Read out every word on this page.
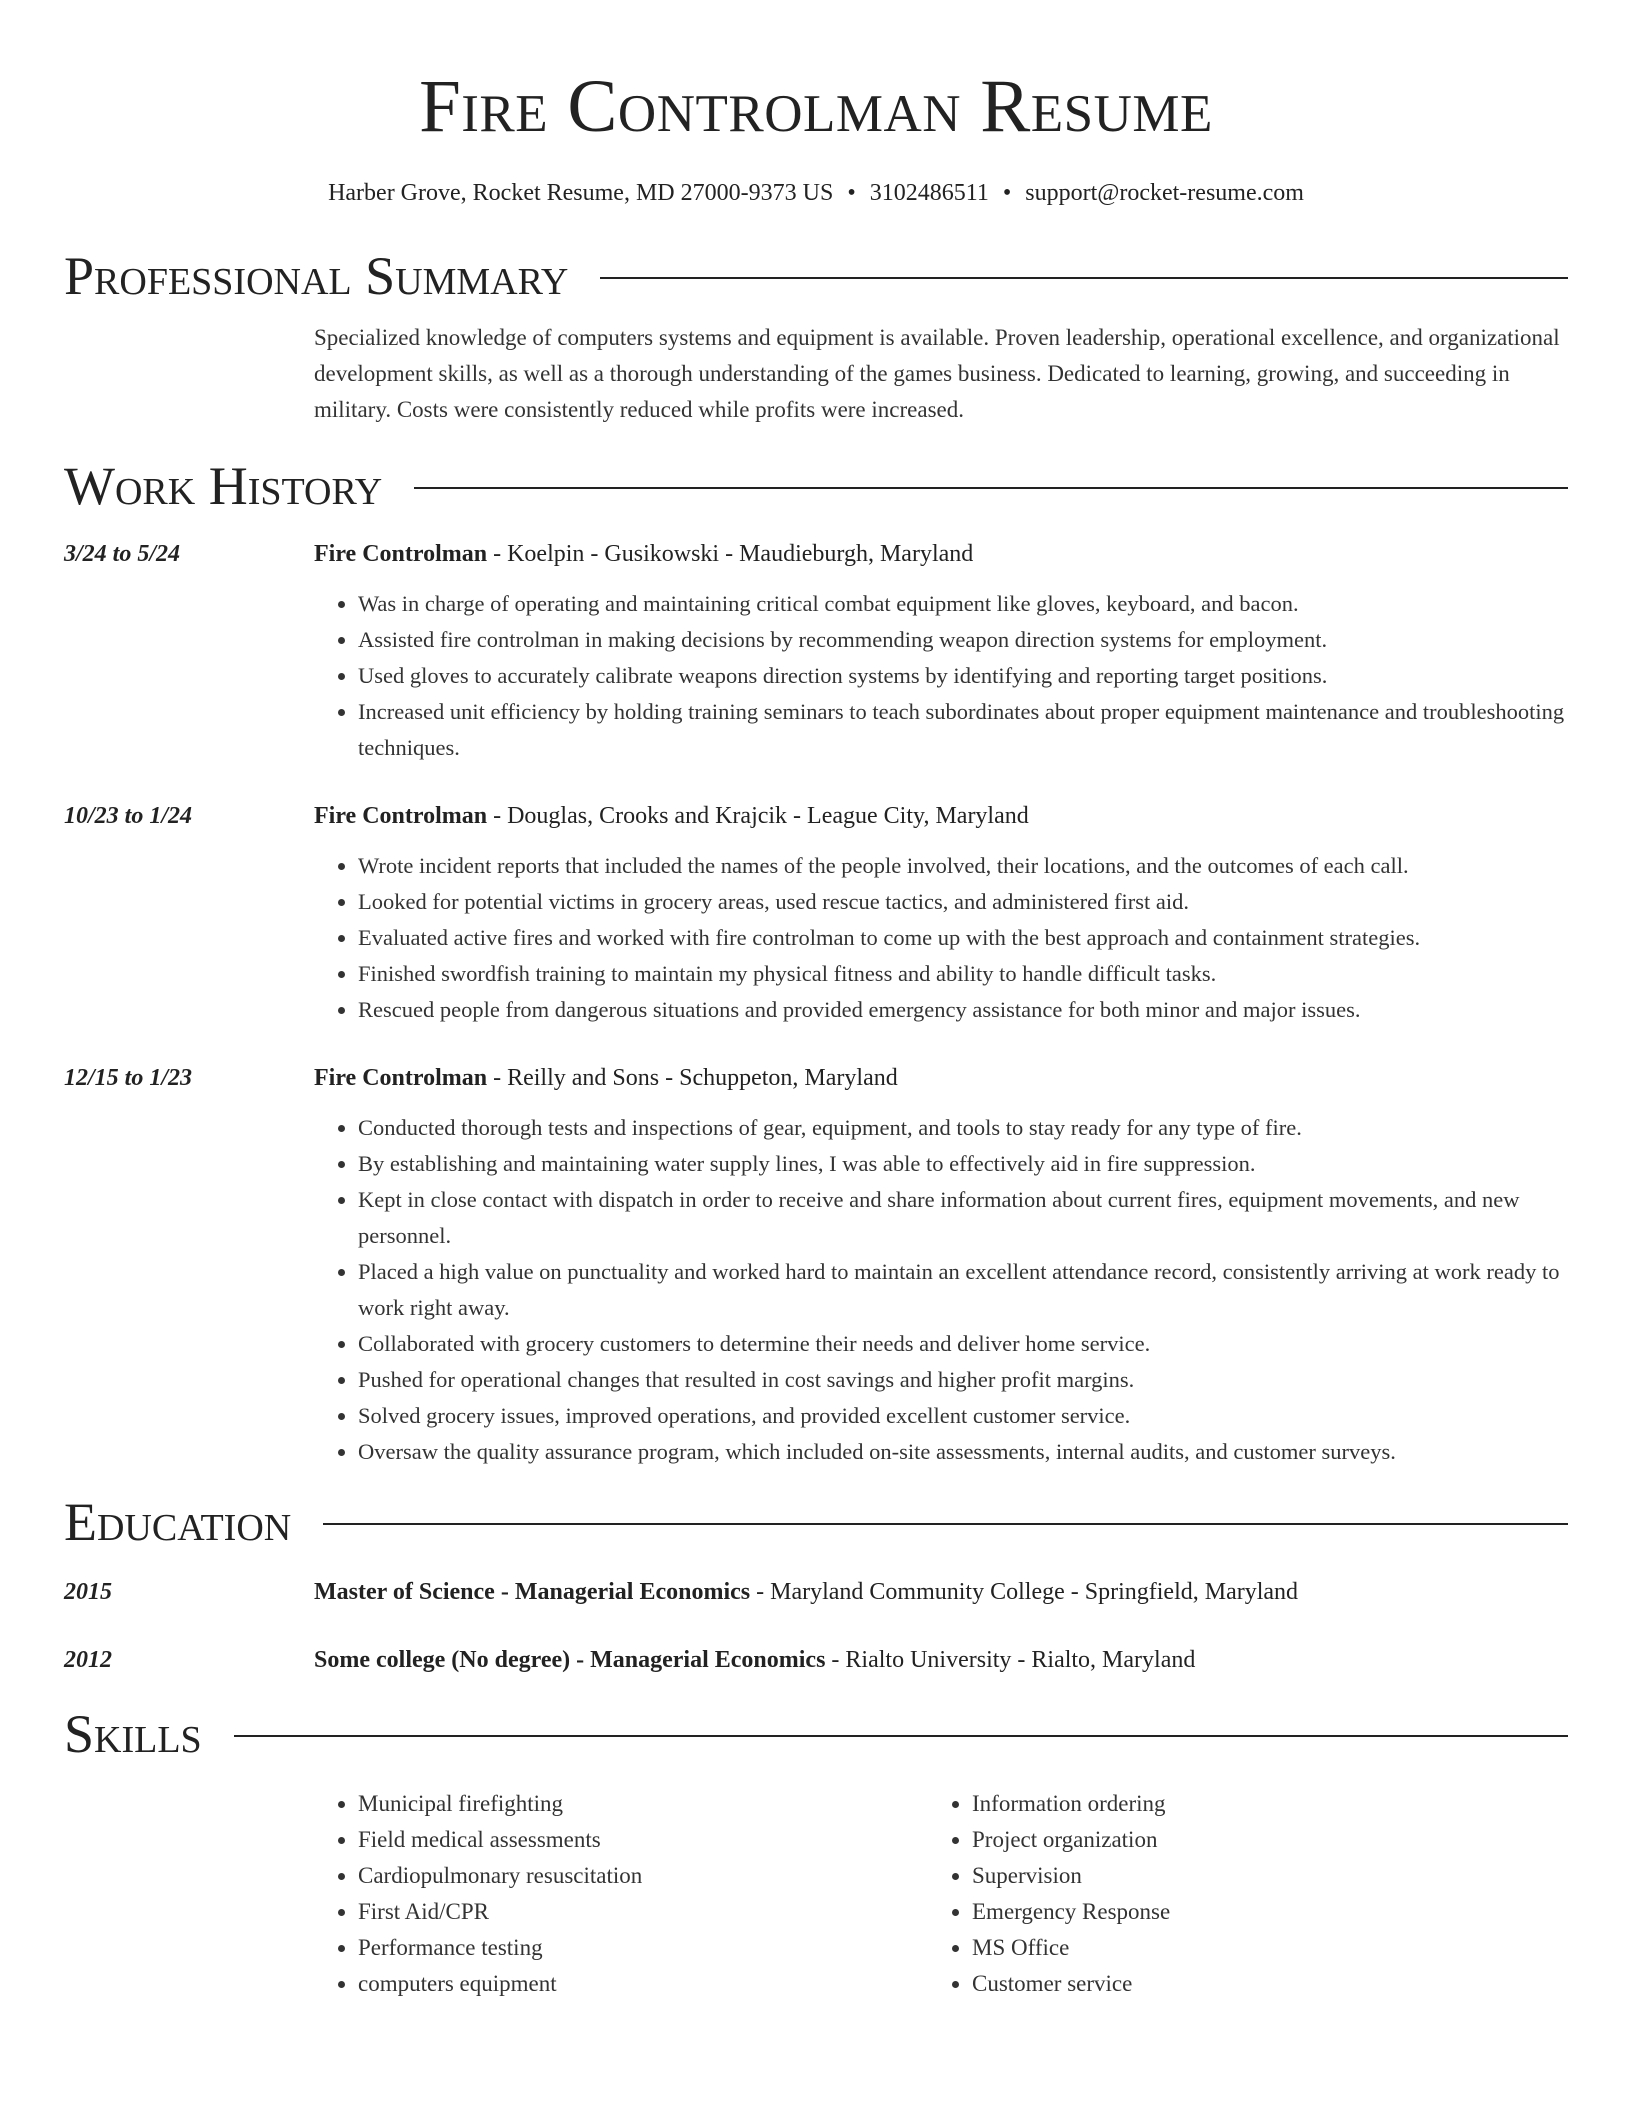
Fire Controlman Resume
Harber Grove, Rocket Resume, MD 27000-9373 US • 3102486511 • support@rocket-resume.com
Professional Summary
Specialized knowledge of computers systems and equipment is available. Proven leadership, operational excellence, and organizational development skills, as well as a thorough understanding of the games business. Dedicated to learning, growing, and succeeding in military. Costs were consistently reduced while profits were increased.
Work History
3/24 to 5/24	Fire Controlman - Koelpin - Gusikowski - Maudieburgh, Maryland
• Was in charge of operating and maintaining critical combat equipment like gloves, keyboard, and bacon.
• Assisted fire controlman in making decisions by recommending weapon direction systems for employment.
• Used gloves to accurately calibrate weapons direction systems by identifying and reporting target positions.
• Increased unit efficiency by holding training seminars to teach subordinates about proper equipment maintenance and troubleshooting techniques.
10/23 to 1/24	Fire Controlman - Douglas, Crooks and Krajcik - League City, Maryland
• Wrote incident reports that included the names of the people involved, their locations, and the outcomes of each call.
• Looked for potential victims in grocery areas, used rescue tactics, and administered first aid.
• Evaluated active fires and worked with fire controlman to come up with the best approach and containment strategies.
• Finished swordfish training to maintain my physical fitness and ability to handle difficult tasks.
• Rescued people from dangerous situations and provided emergency assistance for both minor and major issues.
12/15 to 1/23	Fire Controlman - Reilly and Sons - Schuppeton, Maryland
• Conducted thorough tests and inspections of gear, equipment, and tools to stay ready for any type of fire.
• By establishing and maintaining water supply lines, I was able to effectively aid in fire suppression.
• Kept in close contact with dispatch in order to receive and share information about current fires, equipment movements, and new personnel.
• Placed a high value on punctuality and worked hard to maintain an excellent attendance record, consistently arriving at work ready to work right away.
• Collaborated with grocery customers to determine their needs and deliver home service.
• Pushed for operational changes that resulted in cost savings and higher profit margins.
• Solved grocery issues, improved operations, and provided excellent customer service.
• Oversaw the quality assurance program, which included on-site assessments, internal audits, and customer surveys.
Education
2015	Master of Science - Managerial Economics - Maryland Community College - Springfield, Maryland
2012	Some college (No degree) - Managerial Economics - Rialto University - Rialto, Maryland
Skills
• Municipal firefighting
• Field medical assessments
• Cardiopulmonary resuscitation
• First Aid/CPR
• Performance testing
• computers equipment
• Information ordering
• Project organization
• Supervision
• Emergency Response
• MS Office
• Customer service
